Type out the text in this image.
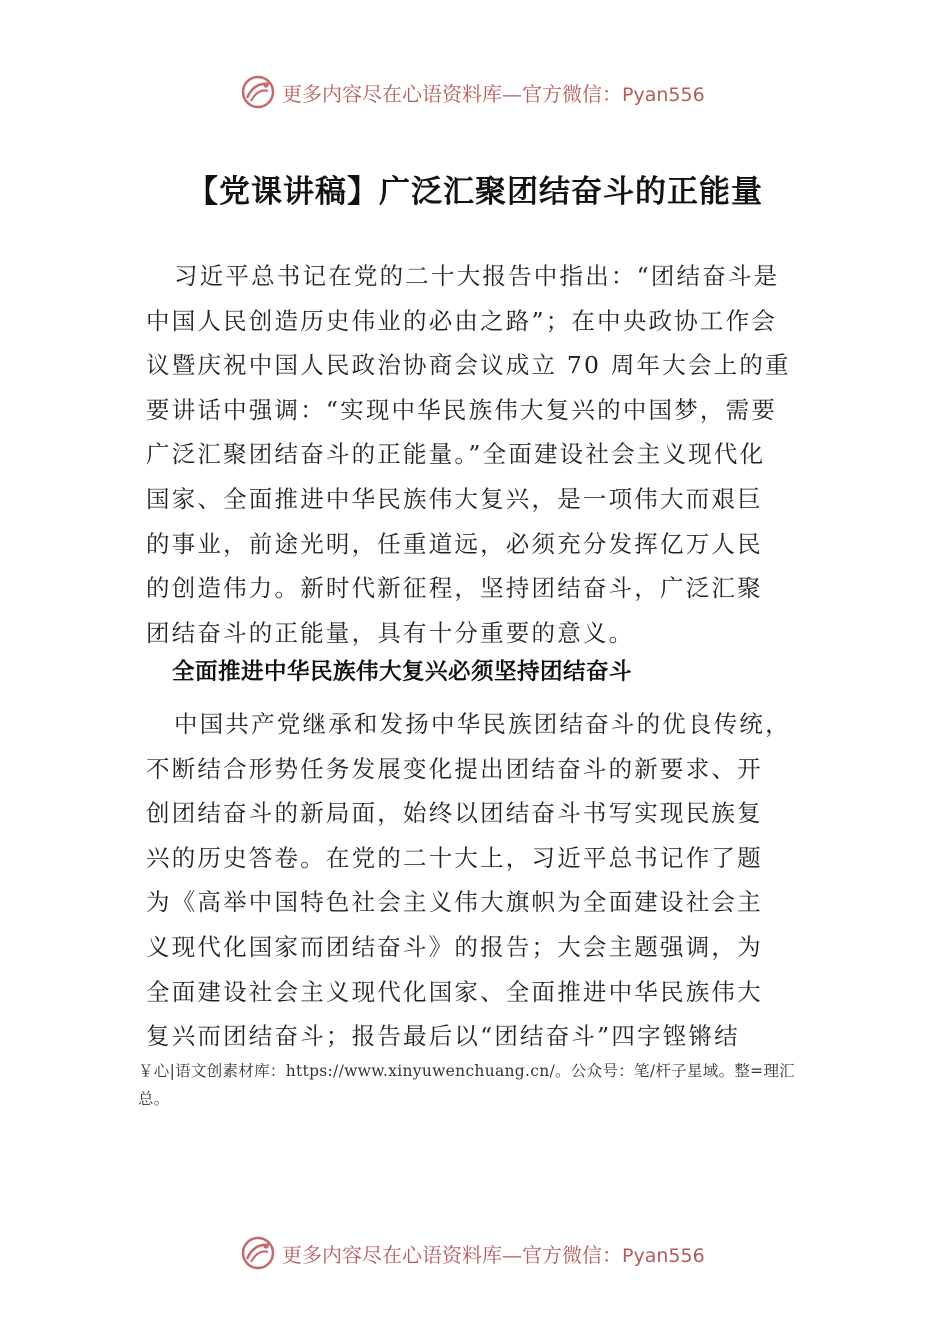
更多内容尽在心语资料库—官方微信：Pyan556
【党课讲稿】广泛汇聚团结奋斗的正能量
习近平总书记在党的二十大报告中指出：“团结奋斗是
中国人民创造历史伟业的必由之路”；在中央政协工作会
议暨庆祝中国人民政治协商会议成立 70 周年大会上的重
要讲话中强调：“实现中华民族伟大复兴的中国梦，需要
广泛汇聚团结奋斗的正能量。”全面建设社会主义现代化
国家、全面推进中华民族伟大复兴，是一项伟大而艰巨
的事业，前途光明，任重道远，必须充分发挥亿万人民
的创造伟力。新时代新征程，坚持团结奋斗，广泛汇聚
团结奋斗的正能量，具有十分重要的意义。
全面推进中华民族伟大复兴必须坚持团结奋斗
中国共产党继承和发扬中华民族团结奋斗的优良传统，
不断结合形势任务发展变化提出团结奋斗的新要求、开
创团结奋斗的新局面，始终以团结奋斗书写实现民族复
兴的历史答卷。在党的二十大上，习近平总书记作了题
为《高举中国特色社会主义伟大旗帜为全面建设社会主
义现代化国家而团结奋斗》的报告；大会主题强调，为
全面建设社会主义现代化国家、全面推进中华民族伟大
复兴而团结奋斗；报告最后以“团结奋斗”四字铿锵结
￥心|语文创素材库：https://www.xinyuwenchuang.cn/。公众号：笔/杆子星域。整=理汇
总。
更多内容尽在心语资料库—官方微信：Pyan556
